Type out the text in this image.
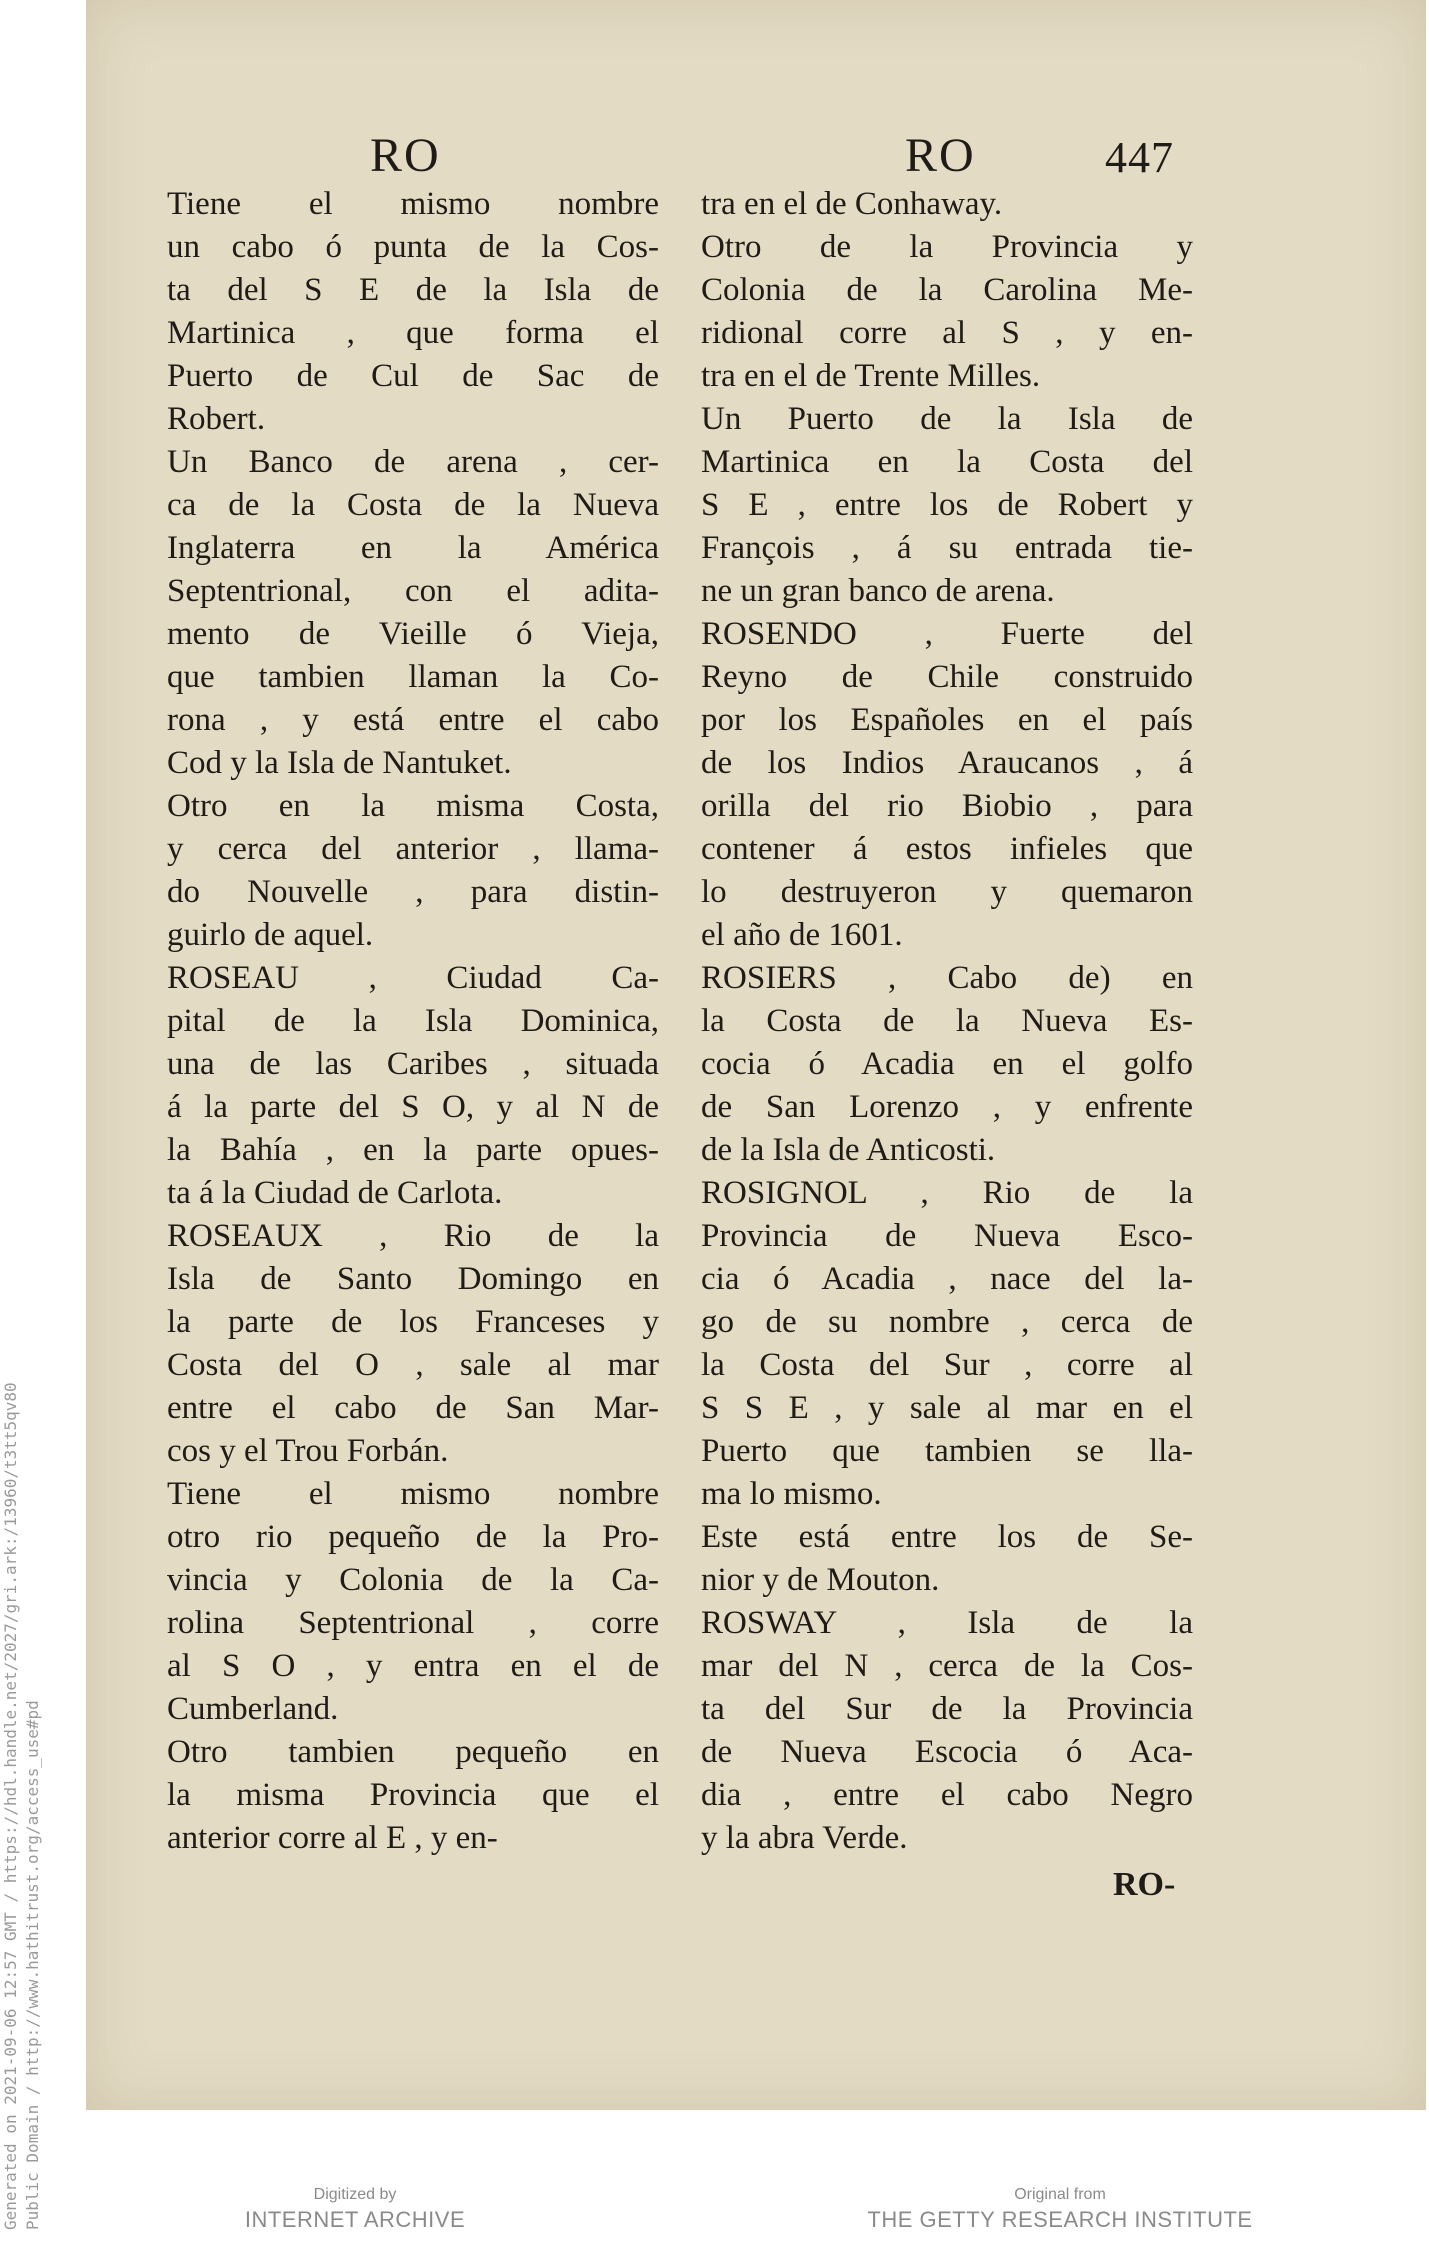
RO	RO	447
Tiene el mismo nombre
un cabo ó punta de la Cos-
ta del S E de la Isla de
Martinica , que forma el
Puerto de Cul de Sac de
Robert.
Un Banco de arena , cer-
ca de la Costa de la Nueva
Inglaterra en la América
Septentrional, con el adita-
mento de Vieille ó Vieja,
que tambien llaman la Co-
rona , y está entre el cabo
Cod y la Isla de Nantuket.
Otro en la misma Costa,
y cerca del anterior , llama-
do Nouvelle , para distin-
guirlo de aquel.
ROSEAU , Ciudad Ca-
pital de la Isla Dominica,
una de las Caribes , situada
á la parte del S O, y al N de
la Bahía , en la parte opues-
ta á la Ciudad de Carlota.
ROSEAUX , Rio de la
Isla de Santo Domingo en
la parte de los Franceses y
Costa del O , sale al mar
entre el cabo de San Mar-
cos y el Trou Forbán.
Tiene el mismo nombre
otro rio pequeño de la Pro-
vincia y Colonia de la Ca-
rolina Septentrional , corre
al S O , y entra en el de
Cumberland.
Otro tambien pequeño en
la misma Provincia que el
anterior corre al E , y en-
tra en el de Conhaway.
Otro de la Provincia y
Colonia de la Carolina Me-
ridional corre al S , y en-
tra en el de Trente Milles.
Un Puerto de la Isla de
Martinica en la Costa del
S E , entre los de Robert y
François , á su entrada tie-
ne un gran banco de arena.
ROSENDO , Fuerte del
Reyno de Chile construido
por los Españoles en el país
de los Indios Araucanos , á
orilla del rio Biobio , para
contener á estos infieles que
lo destruyeron y quemaron
el año de 1601.
ROSIERS , Cabo de) en
la Costa de la Nueva Es-
cocia ó Acadia en el golfo
de San Lorenzo , y enfrente
de la Isla de Anticosti.
ROSIGNOL , Rio de la
Provincia de Nueva Esco-
cia ó Acadia , nace del la-
go de su nombre , cerca de
la Costa del Sur , corre al
S S E , y sale al mar en el
Puerto que tambien se lla-
ma lo mismo.
Este está entre los de Se-
nior y de Mouton.
ROSWAY , Isla de la
mar del N , cerca de la Cos-
ta del Sur de la Provincia
de Nueva Escocia ó Aca-
dia , entre el cabo Negro
y la abra Verde.
RO-
Generated on 2021-09-06 12:57 GMT / https://hdl.handle.net/2027/gri.ark:/13960/t3tt5qv80 Public Domain / http://www.hathitrust.org/access_use#pd	Digitized by
INTERNET ARCHIVE
Original from
THE GETTY RESEARCH INSTITUTE
